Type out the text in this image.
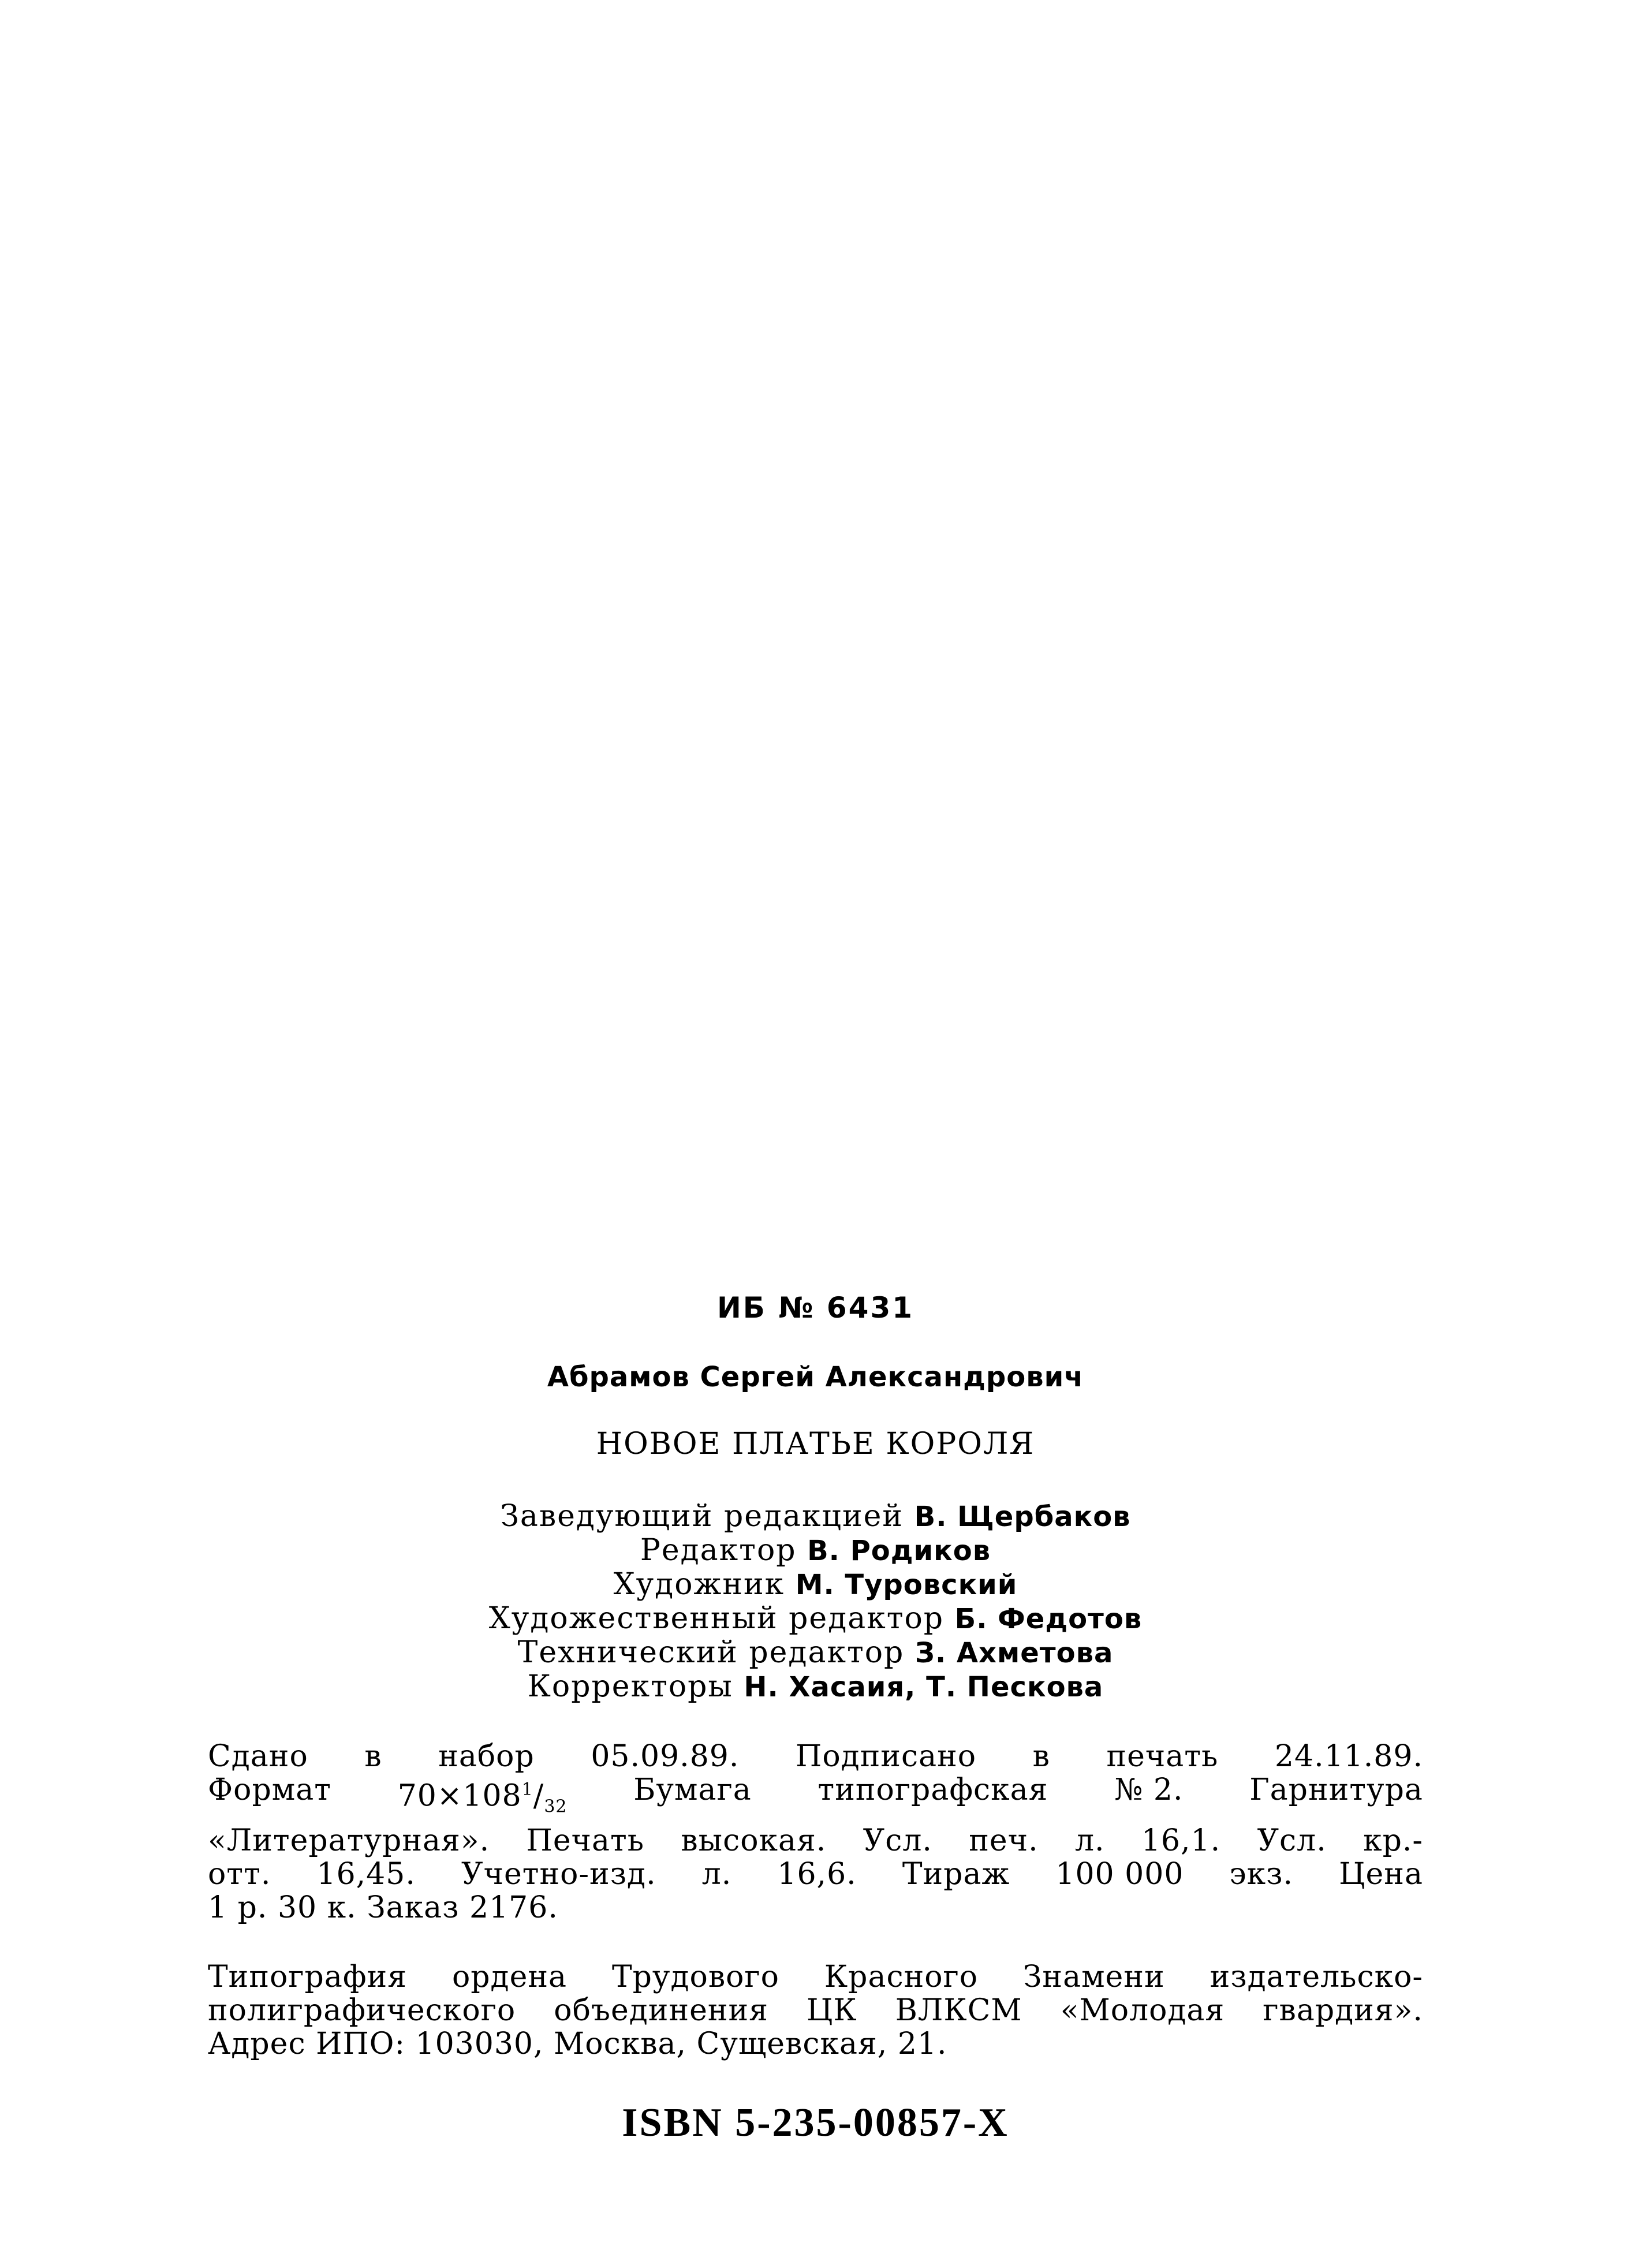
ИБ № 6431
Абрамов Сергей Александрович
НОВОЕ ПЛАТЬЕ КОРОЛЯ
Заведующий редакцией В. Щербаков
Редактор В. Родиков
Художник М. Туровский
Художественный редактор Б. Федотов
Технический редактор З. Ахметова
Корректоры Н. Хасаия, Т. Пескова
Сдано в набор 05.09.89. Подписано в печать 24.11.89.
Формат $70\times 108^1/_{32}$ Бумага типографская № 2. Гарнитура
«Литературная». Печать высокая. Усл. печ. л. 16,1. Усл. кр.-
отт. 16,45. Учетно-изд. л. 16,6. Тираж 100 000 экз. Цена
1 р. 30 к. Заказ 2176.
Типография ордена Трудового Красного Знамени издательско-
полиграфического объединения ЦК ВЛКСМ «Молодая гвардия».
Адрес ИПО: 103030, Москва, Сущевская, 21.
ISBN 5-235-00857-X
